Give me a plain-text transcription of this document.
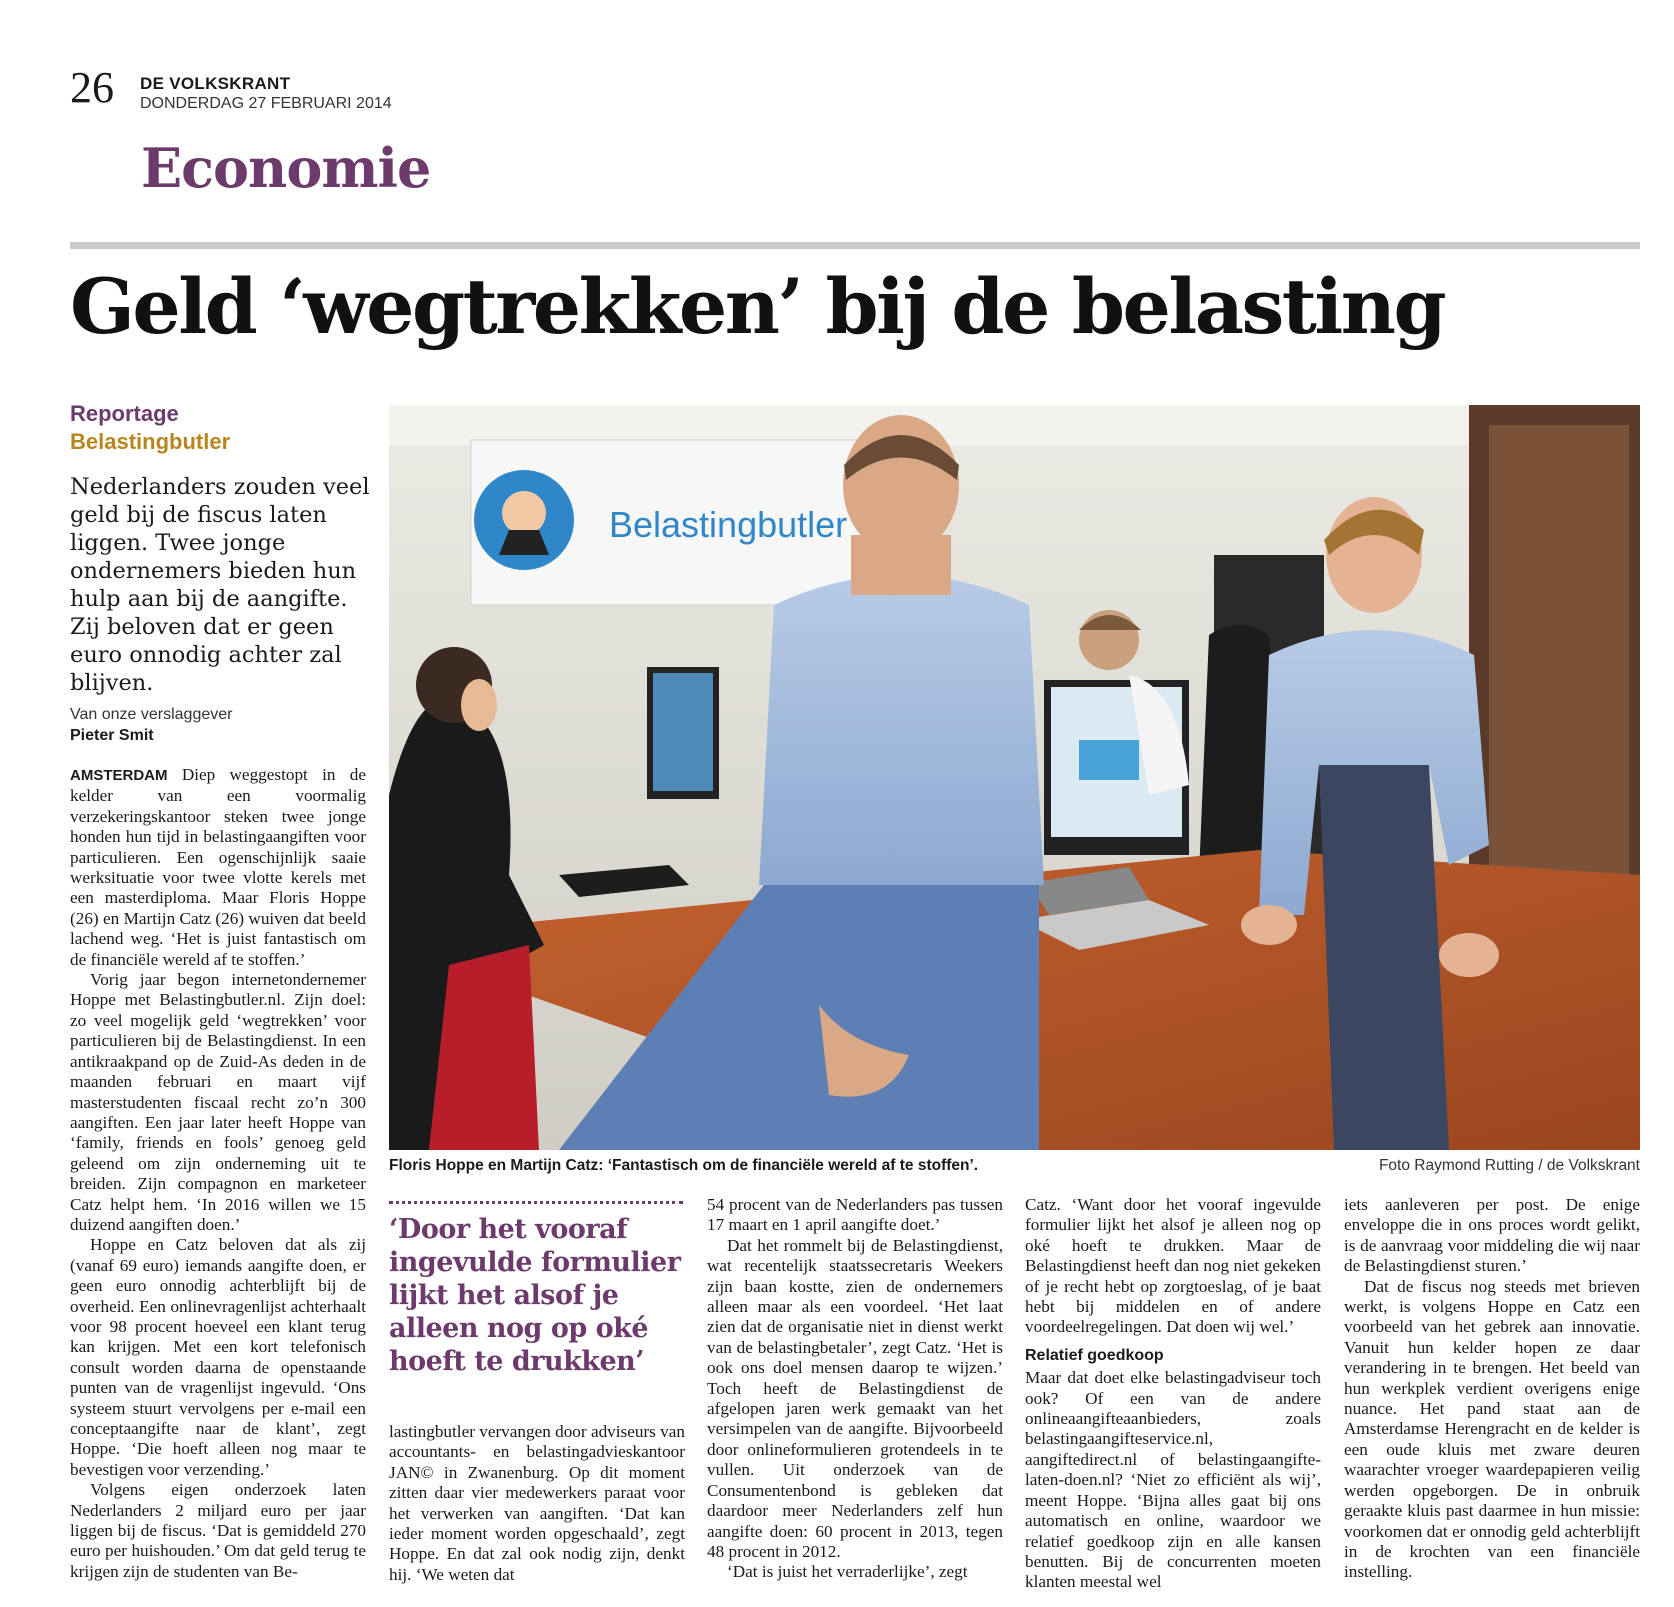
26 DE VOLKSKRANT
DONDERDAG 27 FEBRUARI 2014
Economie
Geld ‘wegtrekken’ bij de belasting
Reportage
Belastingbutler
Nederlanders zouden veel geld bij de fiscus laten liggen. Twee jonge ondernemers bieden hun hulp aan bij de aangifte. Zij beloven dat er geen euro onnodig achter zal blijven.
Van onze verslaggever
Pieter Smit
Belastingbutler
Floris Hoppe en Martijn Catz: ‘Fantastisch om de financiële wereld af te stoffen’.	Foto Raymond Rutting / de Volkskrant

AMSTERDAM Diep weggestopt in de kelder van een voormalig verzekeringskantoor steken twee jonge honden hun tijd in belastingaangiften voor particulieren. Een ogenschijnlijk saaie werksituatie voor twee vlotte kerels met een masterdiploma. Maar Floris Hoppe (26) en Martijn Catz (26) wuiven dat beeld lachend weg. ‘Het is juist fantastisch om de financiële wereld af te stoffen.’

Vorig jaar begon internetondernemer Hoppe met Belastingbutler.nl. Zijn doel: zo veel mogelijk geld ‘wegtrekken’ voor particulieren bij de Belastingdienst. In een antikraakpand op de Zuid-As deden in de maanden februari en maart vijf masterstudenten fiscaal recht zo’n 300 aangiften. Een jaar later heeft Hoppe van ‘family, friends en fools’ genoeg geld geleend om zijn onderneming uit te breiden. Zijn compagnon en marketeer Catz helpt hem. ‘In 2016 willen we 15 duizend aangiften doen.’

Hoppe en Catz beloven dat als zij (vanaf 69 euro) iemands aangifte doen, er geen euro onnodig achterblijft bij de overheid. Een onlinevragenlijst achterhaalt voor 98 procent hoeveel een klant terug kan krijgen. Met een kort telefonisch consult worden daarna de openstaande punten van de vragenlijst ingevuld. ‘Ons systeem stuurt vervolgens per e-mail een conceptaangifte naar de klant’, zegt Hoppe. ‘Die hoeft alleen nog maar te bevestigen voor verzending.’

Volgens eigen onderzoek laten Nederlanders 2 miljard euro per jaar liggen bij de fiscus. ‘Dat is gemiddeld 270 euro per huishouden.’ Om dat geld terug te krijgen zijn de studenten van Be-

‘Door het vooraf ingevulde formulier lijkt het alsof je alleen nog op oké hoeft te drukken’

lastingbutler vervangen door adviseurs van accountants- en belastingadvieskantoor JAN© in Zwanenburg. Op dit moment zitten daar vier medewerkers paraat voor het verwerken van aangiften. ‘Dat kan ieder moment worden opgeschaald’, zegt Hoppe. En dat zal ook nodig zijn, denkt hij. ‘We weten dat

54 procent van de Nederlanders pas tussen 17 maart en 1 april aangifte doet.’

Dat het rommelt bij de Belastingdienst, wat recentelijk staatssecretaris Weekers zijn baan kostte, zien de ondernemers alleen maar als een voordeel. ‘Het laat zien dat de organisatie niet in dienst werkt van de belastingbetaler’, zegt Catz. ‘Het is ook ons doel mensen daarop te wijzen.’ Toch heeft de Belastingdienst de afgelopen jaren werk gemaakt van het versimpelen van de aangifte. Bijvoorbeeld door onlineformulieren grotendeels in te vullen. Uit onderzoek van de Consumentenbond is gebleken dat daardoor meer Nederlanders zelf hun aangifte doen: 60 procent in 2013, tegen 48 procent in 2012.

‘Dat is juist het verraderlijke’, zegt

Catz. ‘Want door het vooraf ingevulde formulier lijkt het alsof je alleen nog op oké hoeft te drukken. Maar de Belastingdienst heeft dan nog niet gekeken of je recht hebt op zorgtoeslag, of je baat hebt bij middelen en of andere voordeelregelingen. Dat doen wij wel.’

Relatief goedkoop

Maar dat doet elke belastingadviseur toch ook? Of een van de andere onlineaangifteaanbieders, zoals belastingaangifteservice.nl, aangiftedirect.nl of belastingaangifte-laten-doen.nl? ‘Niet zo efficiënt als wij’, meent Hoppe. ‘Bijna alles gaat bij ons automatisch en online, waardoor we relatief goedkoop zijn en alle kansen benutten. Bij de concurrenten moeten klanten meestal wel

iets aanleveren per post. De enige enveloppe die in ons proces wordt gelikt, is de aanvraag voor middeling die wij naar de Belastingdienst sturen.’

Dat de fiscus nog steeds met brieven werkt, is volgens Hoppe en Catz een voorbeeld van het gebrek aan innovatie. Vanuit hun kelder hopen ze daar verandering in te brengen. Het beeld van hun werkplek verdient overigens enige nuance. Het pand staat aan de Amsterdamse Herengracht en de kelder is een oude kluis met zware deuren waarachter vroeger waardepapieren veilig werden opgeborgen. De in onbruik geraakte kluis past daarmee in hun missie: voorkomen dat er onnodig geld achterblijft in de krochten van een financiële instelling.
